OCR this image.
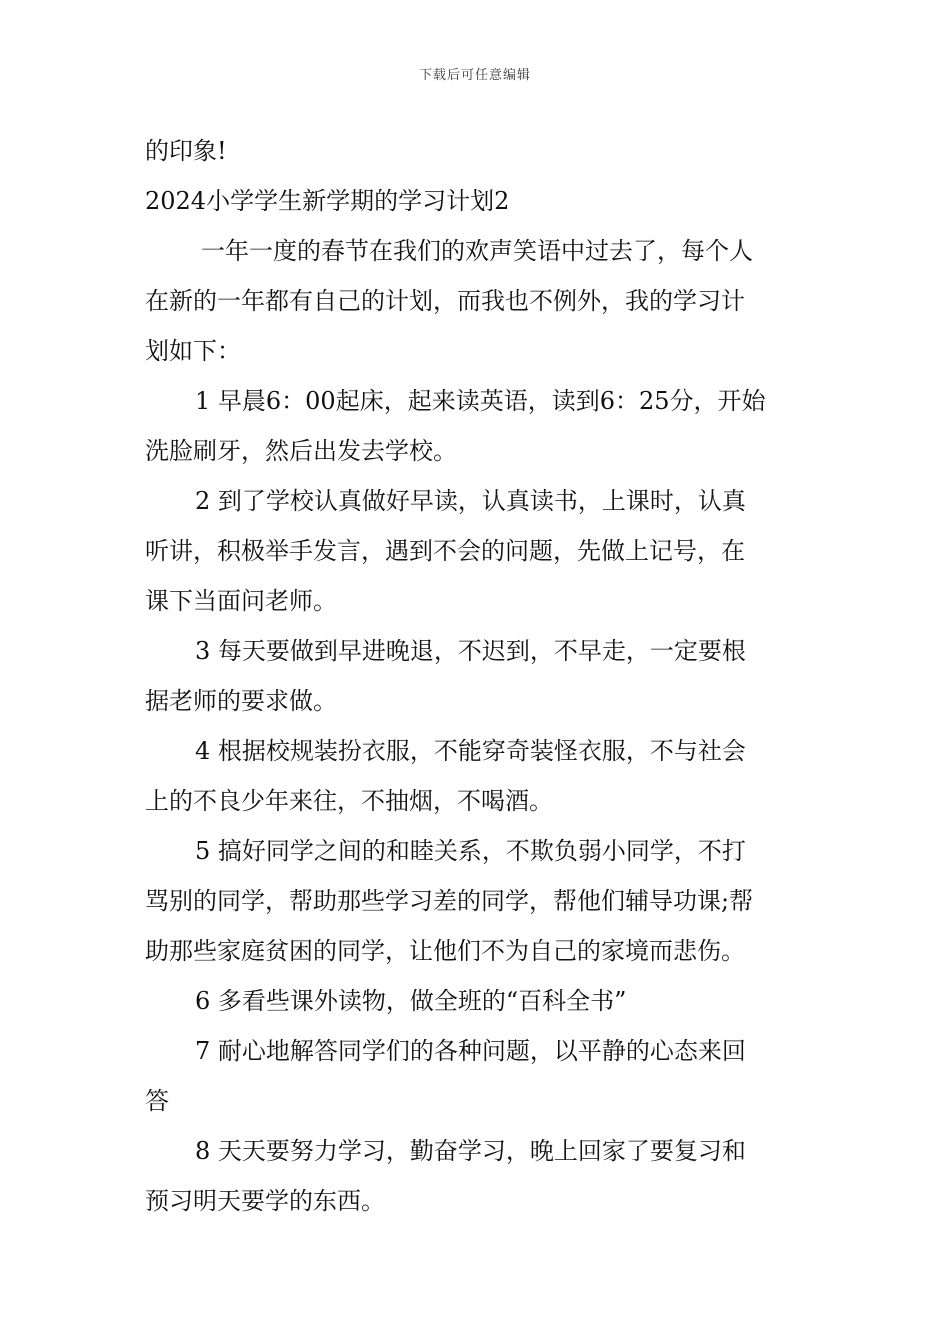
下载后可任意编辑
的印象!
2024小学学生新学期的学习计划2
一年一度的春节在我们的欢声笑语中过去了，每个人
在新的一年都有自己的计划，而我也不例外，我的学习计
划如下：
1 早晨6：00起床，起来读英语，读到6：25分，开始
洗脸刷牙，然后出发去学校。
2 到了学校认真做好早读，认真读书，上课时，认真
听讲，积极举手发言，遇到不会的问题，先做上记号，在
课下当面问老师。
3 每天要做到早进晚退，不迟到，不早走，一定要根
据老师的要求做。
4 根据校规装扮衣服，不能穿奇装怪衣服，不与社会
上的不良少年来往，不抽烟，不喝酒。
5 搞好同学之间的和睦关系，不欺负弱小同学，不打
骂别的同学，帮助那些学习差的同学，帮他们辅导功课;帮
助那些家庭贫困的同学，让他们不为自己的家境而悲伤。
6 多看些课外读物，做全班的“百科全书”
7 耐心地解答同学们的各种问题，以平静的心态来回
答
8 天天要努力学习，勤奋学习，晚上回家了要复习和
预习明天要学的东西。
